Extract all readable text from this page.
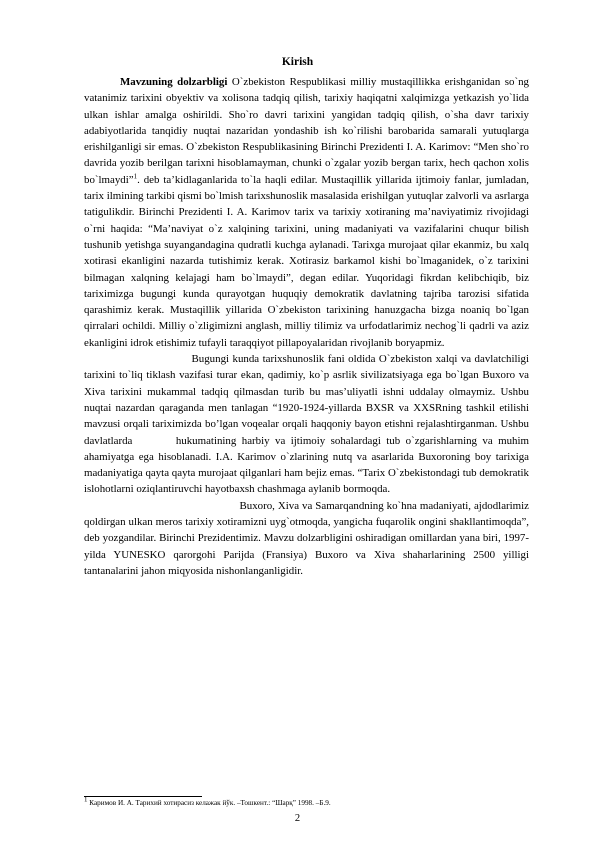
Kirish

Mavzuning dolzarbligi O`zbekiston Respublikasi milliy mustaqillikka erishganidan so`ng vatanimiz tarixini obyektiv va xolisona tadqiq qilish, tarixiy haqiqatni xalqimizga yetkazish yo`lida ulkan ishlar amalga oshirildi. Sho`ro davri tarixini yangidan tadqiq qilish, o`sha davr tarixiy adabiyotlarida tanqidiy nuqtai nazaridan yondashib ish ko`rilishi barobarida samarali yutuqlarga erishilganligi sir emas. O`zbekiston Respublikasining Birinchi Prezidenti I. A. Karimov: “Men sho`ro davrida yozib berilgan tarixni hisoblamayman, chunki o`zgalar yozib bergan tarix, hech qachon xolis bo`lmaydi”$^1$. deb ta’kidlaganlarida to`la haqli edilar. Mustaqillik yillarida ijtimoiy fanlar, jumladan, tarix ilmining tarkibi qismi bo`lmish tarixshunoslik masalasida erishilgan yutuqlar zalvorli va asrlarga tatigulikdir. Birinchi Prezidenti I. A. Karimov tarix va tarixiy xotiraning ma’naviyatimiz rivojidagi o`rni haqida: “Ma’naviyat o`z xalqining tarixini, uning madaniyati va vazifalarini chuqur bilish tushunib yetishga suyangandagina qudratli kuchga aylanadi. Tarixga murojaat qilar ekanmiz, bu xalq xotirasi ekanligini nazarda tutishimiz kerak. Xotirasiz barkamol kishi bo`lmaganidek, o`z tarixini bilmagan xalqning kelajagi ham bo`lmaydi”, degan edilar. Yuqoridagi fikrdan kelibchiqib, biz tariximizga bugungi kunda qurayotgan huquqiy demokratik davlatning tajriba tarozisi sifatida qarashimiz kerak. Mustaqillik yillarida O`zbekiston tarixining hanuzgacha bizga noaniq bo`lgan qirralari ochildi. Milliy o`zligimizni anglash, milliy tilimiz va urfodatlarimiz nechog`li qadrli va aziz ekanligini idrok etishimiz tufayli taraqqiyot pillapoyalaridan rivojlanib boryapmiz.

Bugungi kunda tarixshunoslik fani oldida O`zbekiston xalqi va davlatchiligi tarixini to`liq tiklash vazifasi turar ekan, qadimiy, ko`p asrlik sivilizatsiyaga ega bo`lgan Buxoro va Xiva tarixini mukammal tadqiq qilmasdan turib bu mas’uliyatli ishni uddalay olmaymiz. Ushbu nuqtai nazardan qaraganda men tanlagan “1920-1924-yillarda BXSR va XXSRning tashkil etilishi mavzusi orqali tariximizda bo’lgan voqealar orqali haqqoniy bayon etishni rejalashtirganman. Ushbu davlatlarda        hukumatining harbiy va ijtimoiy sohalardagi tub o`zgarishlarning va muhim ahamiyatga ega hisoblanadi. I.A. Karimov o`zlarining nutq va asarlarida Buxoroning boy tarixiga madaniyatiga qayta qayta murojaat qilganlari ham bejiz emas. “Tarix O`zbekistondagi tub demokratik islohotlarni oziqlantiruvchi hayotbaxsh chashmaga aylanib bormoqda.

Buxoro, Xiva va Samarqandning ko`hna madaniyati, ajdodlarimiz qoldirgan ulkan meros tarixiy xotiramizni uyg`otmoqda, yangicha fuqarolik ongini shakllantimoqda”, deb yozgandilar. Birinchi Prezidentimiz. Mavzu dolzarbligini oshiradigan omillardan yana biri, 1997-yilda YUNESKO qarorgohi Parijda (Fransiya) Buxoro va Xiva shaharlarining 2500 yilligi tantanalarini jahon miqyosida nishonlanganligidir.

$^1$ Каримов И. А. Тарихий хотирасиз келажак йўк. –Тошкент.: “Шарқ” 1998. –Б.9.

2
